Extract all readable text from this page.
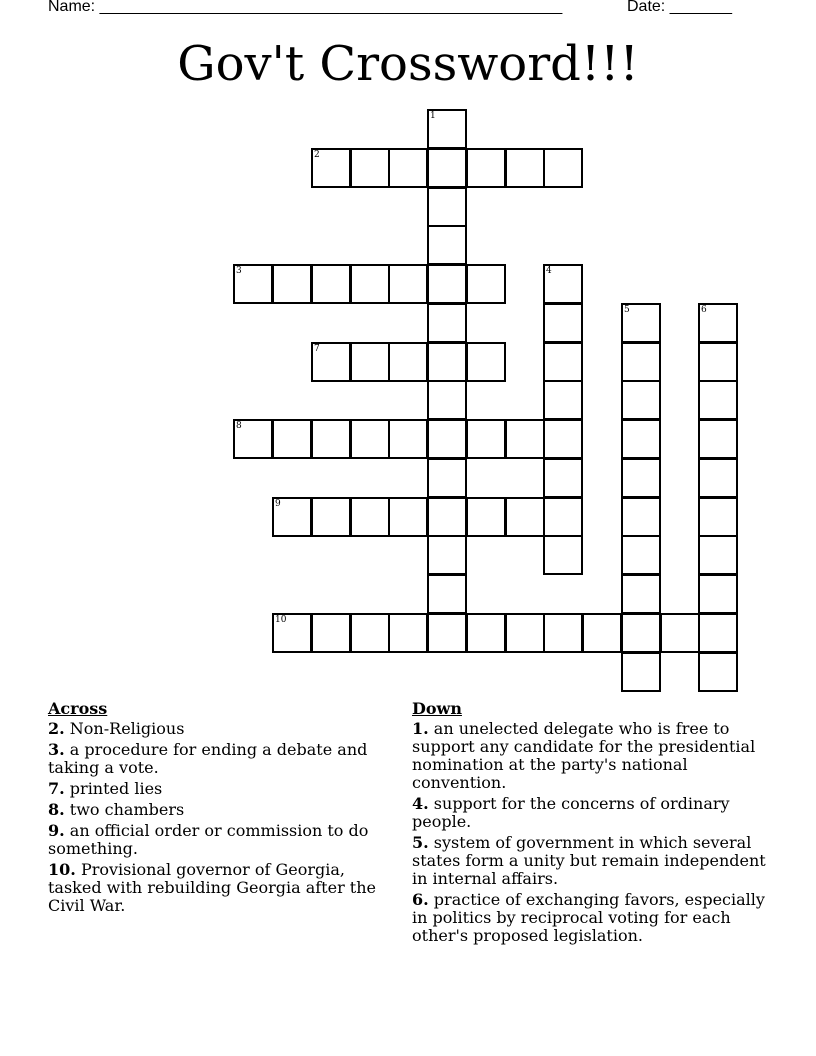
Name: ____________________________________________________	Date: _______
Gov't Crossword!!!
1
2
3	4
5	6
7
8
9
10
Across
2. Non-Religious
3. a procedure for ending a debate and taking a vote.
7. printed lies
8. two chambers
9. an official order or commission to do something.
10. Provisional governor of Georgia, tasked with rebuilding Georgia after the Civil War.
Down
1. an unelected delegate who is free to support any candidate for the presidential nomination at the party's national convention.
4. support for the concerns of ordinary people.
5. system of government in which several states form a unity but remain independent in internal affairs.
6. practice of exchanging favors, especially in politics by reciprocal voting for each other's proposed legislation.
